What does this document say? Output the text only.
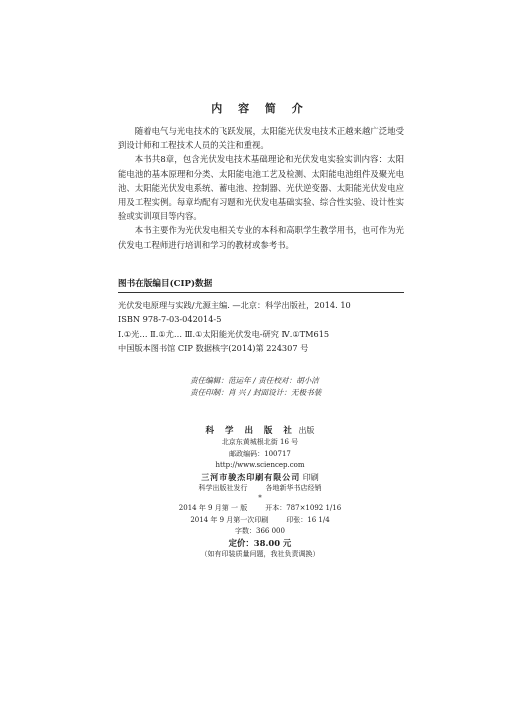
内 容 简 介

随着电气与光电技术的飞跃发展，太阳能光伏发电技术正越来越广泛地受到设计师和工程技术人员的关注和重视。

本书共8章，包含光伏发电技术基础理论和光伏发电实验实训内容：太阳能电池的基本原理和分类、太阳能电池工艺及检测、太阳能电池组件及聚光电池、太阳能光伏发电系统、蓄电池、控制器、光伏逆变器、太阳能光伏发电应用及工程实例。每章均配有习题和光伏发电基础实验、综合性实验、设计性实验或实训项目等内容。

本书主要作为光伏发电相关专业的本科和高职学生教学用书，也可作为光伏发电工程师进行培训和学习的教材或参考书。

图书在版编目(CIP)数据
光伏发电原理与实践/尤源主编. —北京：科学出版社，2014. 10
ISBN 978-7-03-042014-5
Ⅰ.①光… Ⅱ.①尤… Ⅲ.①太阳能光伏发电-研究 Ⅳ.①TM615
中国版本图书馆 CIP 数据核字(2014)第 224307 号
责任编辑：范运年 / 责任校对：胡小洁
责任印制：肖 兴 / 封面设计：无极书装
科 学 出 版 社 出版
北京东黄城根北街 16 号
邮政编码：100717
http://www.sciencep.com
三河市骏杰印刷有限公司 印刷
科学出版社发行	各地新华书店经销
*
2014 年 9 月第 一 版	开本：787×1092 1/16
2014 年 9 月第一次印刷	印张：16 1/4
字数：366 000
定价：38.00 元
（如有印装质量问题，我社负责调换）
